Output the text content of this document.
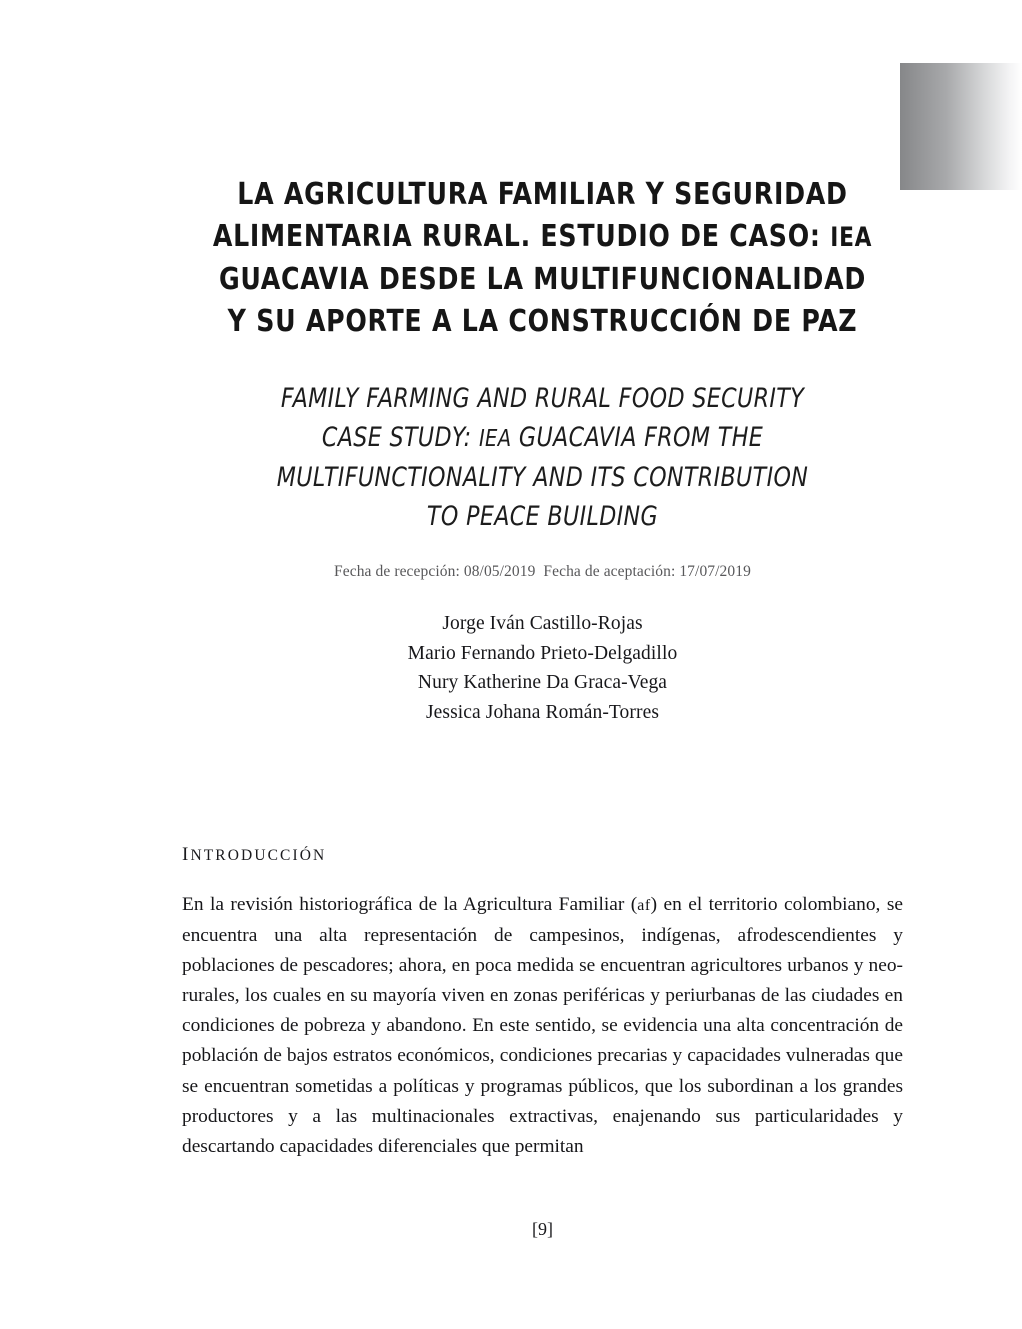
LA AGRICULTURA FAMILIAR Y SEGURIDAD
ALIMENTARIA RURAL. ESTUDIO DE CASO: IEA
GUACAVIA DESDE LA MULTIFUNCIONALIDAD
Y SU APORTE A LA CONSTRUCCIÓN DE PAZ
FAMILY FARMING AND RURAL FOOD SECURITY
CASE STUDY: IEA GUACAVIA FROM THE
MULTIFUNCTIONALITY AND ITS CONTRIBUTION
TO PEACE BUILDING
Fecha de recepción: 08/05/2019  Fecha de aceptación: 17/07/2019
Jorge Iván Castillo-Rojas
Mario Fernando Prieto-Delgadillo
Nury Katherine Da Graca-Vega
Jessica Johana Román-Torres
INTRODUCCIÓN

En la revisión historiográfica de la Agricultura Familiar (af) en el territorio colombiano, se encuentra una alta representación de campesinos, indígenas, afrodescendientes y poblaciones de pescadores; ahora, en poca medida se encuentran agricultores urbanos y neo-rurales, los cuales en su mayoría viven en zonas periféricas y periurbanas de las ciudades en condiciones de pobreza y abandono. En este sentido, se evidencia una alta concentración de población de bajos estratos económicos, condiciones precarias y capacidades vulneradas que se encuentran sometidas a políticas y programas públicos, que los subordinan a los grandes productores y a las multinacionales extractivas, enajenando sus particularidades y descartando capacidades diferenciales que permitan

[9]
